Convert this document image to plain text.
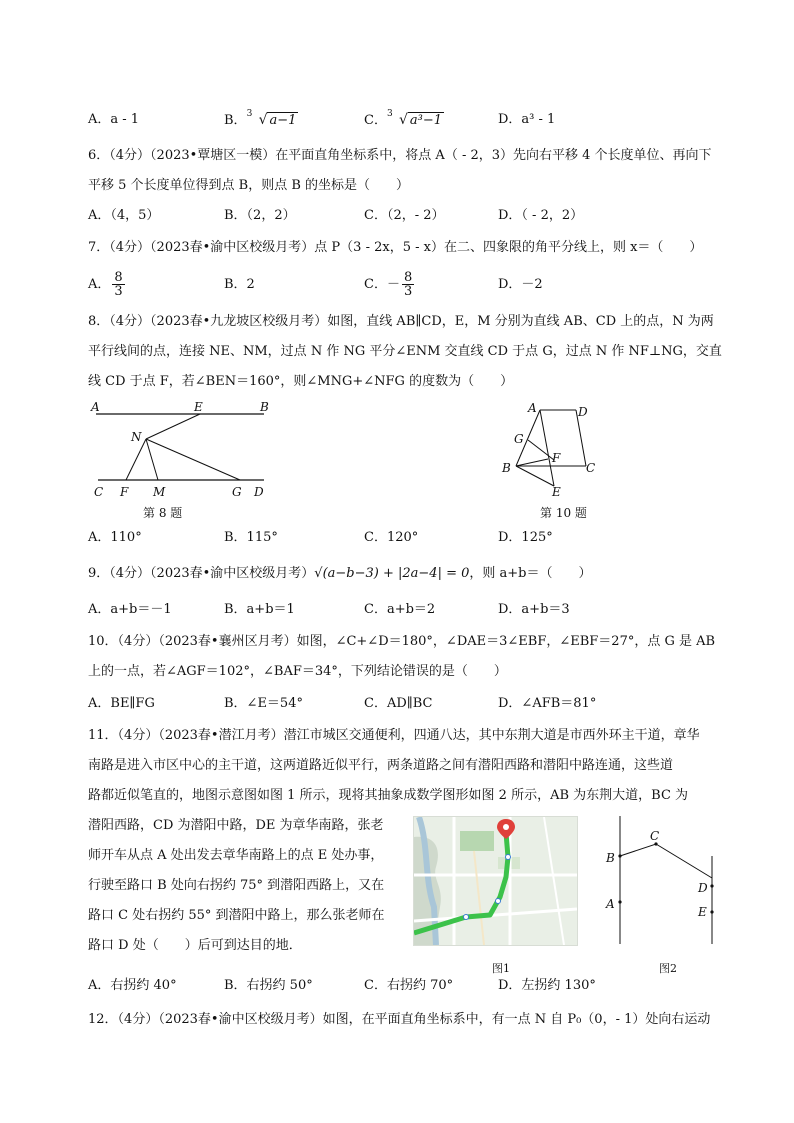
A．a - 1	B． 3 √ a−1	C． 3 √ a³−1	D．a³ - 1
6．（4分）（2023•覃塘区一模）在平面直角坐标系中，将点 A（ - 2，3）先向右平移 4 个长度单位、再向下
平移 5 个长度单位得到点 B，则点 B 的坐标是（　　）
A．（4，5）	B．（2，2）	C．（2，- 2）	D．（ - 2，2）
7．（4分）（2023春•渝中区校级月考）点 P（3 - 2x，5 - x）在二、四象限的角平分线上，则 x＝（　　）
A． $\frac{8}{3}$	B．2	C．－ $\frac{8}{3}$	D．－2
8．（4分）（2023春•九龙坡区校级月考）如图，直线 AB∥CD，E，M 分别为直线 AB、CD 上的点，N 为两
平行线间的点，连接 NE、NM，过点 N 作 NG 平分∠ENM 交直线 CD 于点 G，过点 N 作 NF⊥NG，交直
线 CD 于点 F，若∠BEN＝160°，则∠MNG+∠NFG 的度数为（　　）
A	E	B
N
C F M	G D
第 8 题
A	D
G
F
B	C
E
第 10 题
A．110°	B．115°	C．120°	D．125°
9．（4分）（2023春•渝中区校级月考）√(a−b−3) + |2a−4| = 0，则 a+b＝（　　）
A．a+b＝－1	B．a+b＝1	C．a+b＝2	D．a+b＝3
10．（4分）（2023春•襄州区月考）如图，∠C+∠D＝180°，∠DAE＝3∠EBF，∠EBF＝27°，点 G 是 AB
上的一点，若∠AGF＝102°，∠BAF＝34°，下列结论错误的是（　　）
A．BE∥FG	B．∠E＝54°	C．AD∥BC	D．∠AFB＝81°
11．（4分）（2023春•潜江月考）潜江市城区交通便利，四通八达，其中东荆大道是市西外环主干道，章华
南路是进入市区中心的主干道，这两道路近似平行，两条道路之间有潜阳西路和潜阳中路连通，这些道
路都近似笔直的，地图示意图如图 1 所示，现将其抽象成数学图形如图 2 所示，AB 为东荆大道，BC 为
潜阳西路，CD 为潜阳中路，DE 为章华南路，张老
师开车从点 A 处出发去章华南路上的点 E 处办事，
行驶至路口 B 处向右拐约 75° 到潜阳西路上，又在
路口 C 处右拐约 55° 到潜阳中路上，那么张老师在
路口 D 处（　　）后可到达目的地．
图1
B
C
A
D
E
图2
A．右拐约 40°	B．右拐约 50°	C．右拐约 70°	D．左拐约 130°
12．（4分）（2023春•渝中区校级月考）如图，在平面直角坐标系中，有一点 N 自 P₀（0，- 1）处向右运动
